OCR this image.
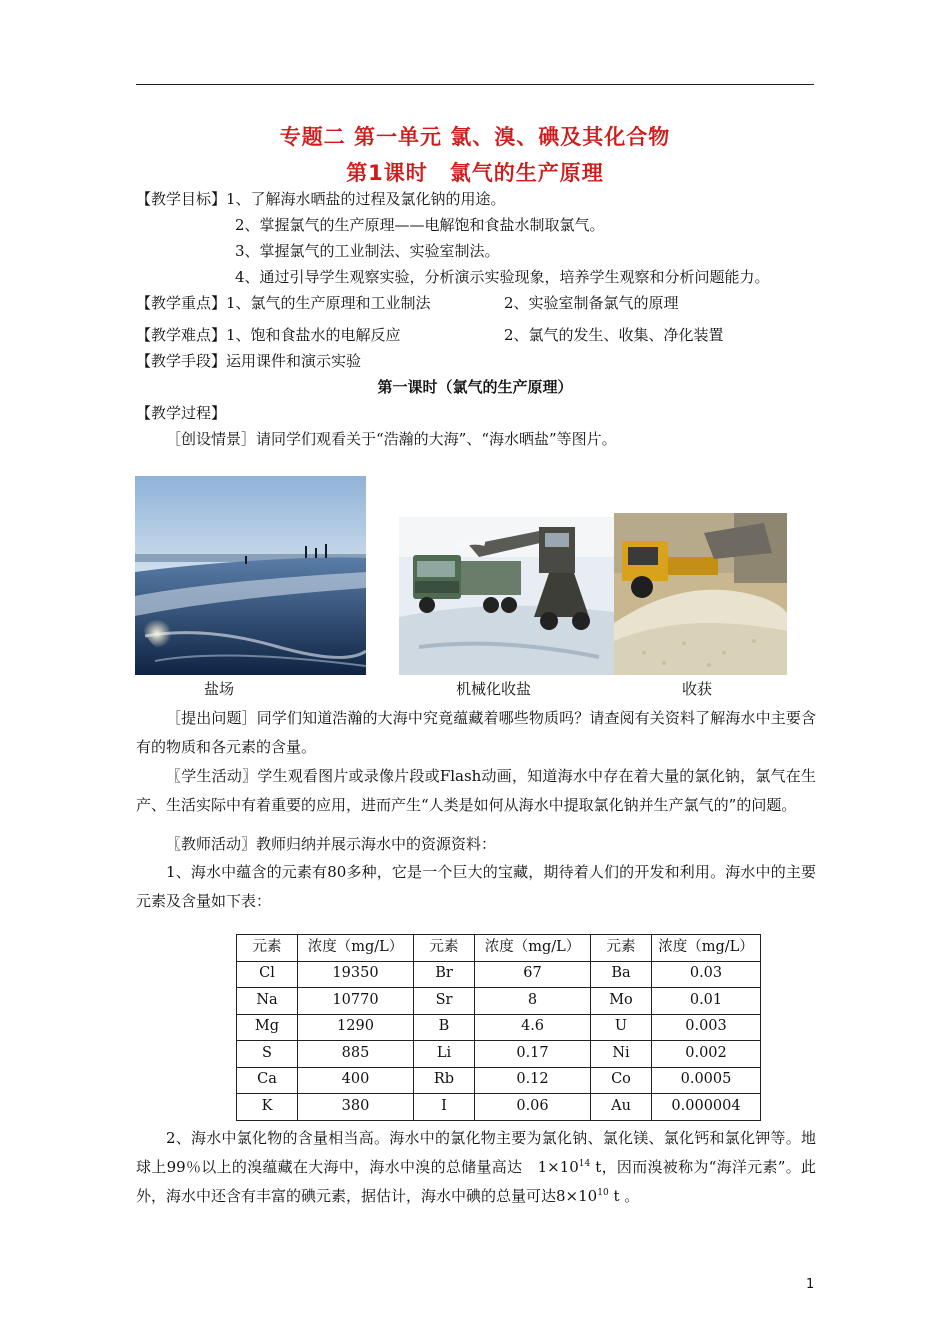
专题二 第一单元 氯、溴、碘及其化合物
第1课时　氯气的生产原理
【教学目标】1、了解海水晒盐的过程及氯化钠的用途。
2、掌握氯气的生产原理——电解饱和食盐水制取氯气。
3、掌握氯气的工业制法、实验室制法。
4、通过引导学生观察实验，分析演示实验现象，培养学生观察和分析问题能力。
【教学重点】1、氯气的生产原理和工业制法	2、实验室制备氯气的原理
【教学难点】1、饱和食盐水的电解反应	2、氯气的发生、收集、净化装置
【教学手段】运用课件和演示实验
第一课时（氯气的生产原理）
【教学过程】
［创设情景］请同学们观看关于“浩瀚的大海”、“海水晒盐”等图片。
盐场	机械化收盐	收获
［提出问题］同学们知道浩瀚的大海中究竟蕴藏着哪些物质吗？请查阅有关资料了解海水中主要含有的物质和各元素的含量。
〖学生活动〗学生观看图片或录像片段或Flash动画，知道海水中存在着大量的氯化钠，氯气在生产、生活实际中有着重要的应用，进而产生“人类是如何从海水中提取氯化钠并生产氯气的”的问题。
〖教师活动〗教师归纳并展示海水中的资源资料：
1、海水中蕴含的元素有80多种，它是一个巨大的宝藏，期待着人们的开发和利用。海水中的主要元素及含量如下表：
元素	浓度（mg/L）	元素	浓度（mg/L）	元素	浓度（mg/L）
Cl	19350	Br	67	Ba	0.03
Na	10770	Sr	8	Mo	0.01
Mg	1290	B	4.6	U	0.003
S	885	Li	0.17	Ni	0.002
Ca	400	Rb	0.12	Co	0.0005
K	380	I	0.06	Au	0.000004
2、海水中氯化物的含量相当高。海水中的氯化物主要为氯化钠、氯化镁、氯化钙和氯化钾等。地球上99％以上的溴蕴藏在大海中，海水中溴的总储量高达　$1\times 10^{14}$ t，因而溴被称为“海洋元素”。此外，海水中还含有丰富的碘元素，据估计，海水中碘的总量可达$8\times 10^{10}$ t 。
1
